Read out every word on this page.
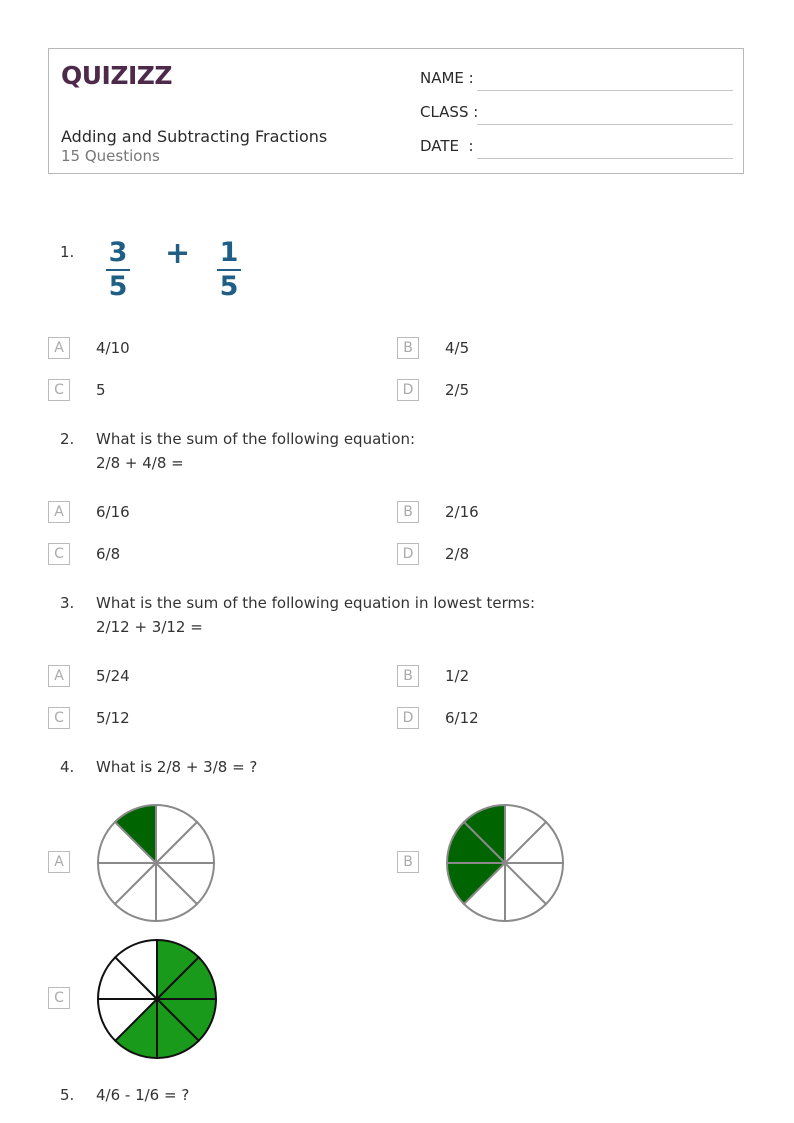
QUIZIZZ
Adding and Subtracting Fractions
15 Questions
NAME :
CLASS :
DATE  :
1. 3
5
+ 1
5
A	4/10	B	4/5
C	5	D	2/5
2. What is the sum of the following equation:
2/8 + 4/8 =
A	6/16	B	2/16
C	6/8	D	2/8
3. What is the sum of the following equation in lowest terms:
2/12 + 3/12 =
A	5/24	B	1/2
C	5/12	D	6/12
4. What is 2/8 + 3/8 = ?
A	B
C
5. 4/6 - 1/6 = ?
